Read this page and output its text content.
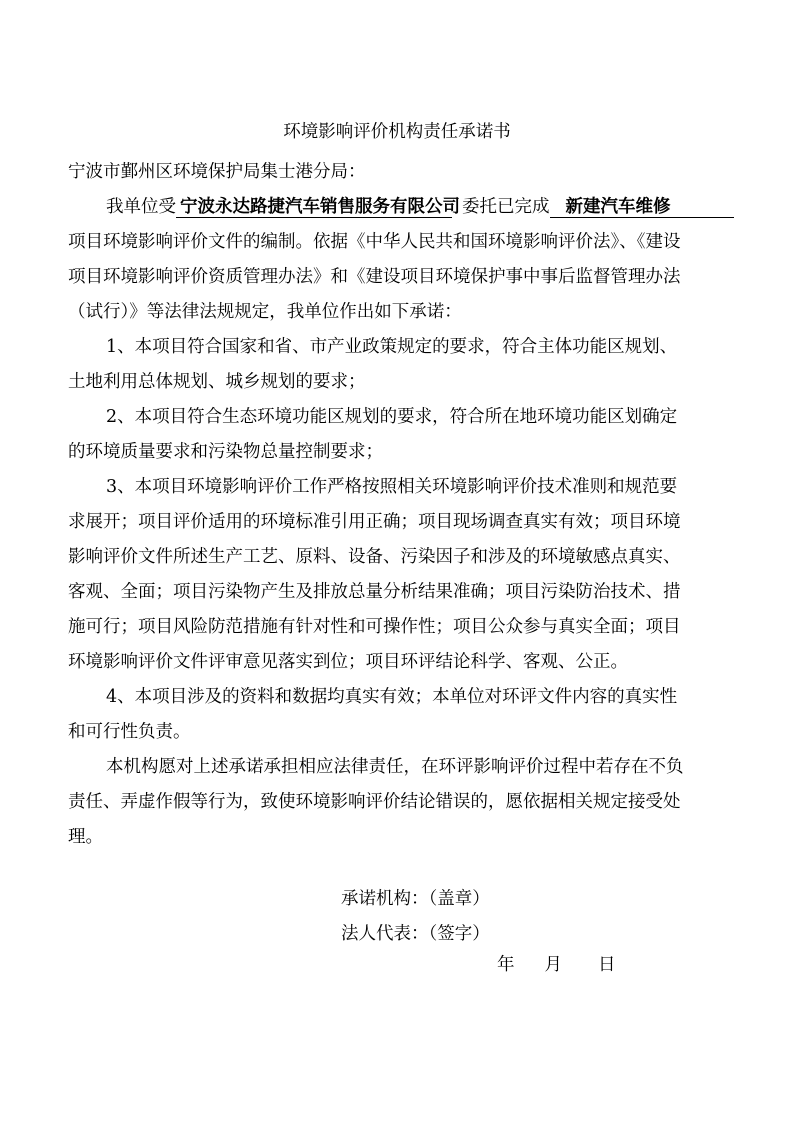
环境影响评价机构责任承诺书
宁波市鄞州区环境保护局集士港分局：
我单位受 宁波永达路捷汽车销售服务有限公司 委托已完成 新建汽车维修
项目环境影响评价文件的编制。依据《中华人民共和国环境影响评价法》、《建设
项目环境影响评价资质管理办法》和《建设项目环境保护事中事后监督管理办法
（试行）》等法律法规规定，我单位作出如下承诺：
1、本项目符合国家和省、市产业政策规定的要求，符合主体功能区规划、
土地利用总体规划、城乡规划的要求；
2、本项目符合生态环境功能区规划的要求，符合所在地环境功能区划确定
的环境质量要求和污染物总量控制要求；
3、本项目环境影响评价工作严格按照相关环境影响评价技术准则和规范要
求展开；项目评价适用的环境标准引用正确；项目现场调查真实有效；项目环境
影响评价文件所述生产工艺、原料、设备、污染因子和涉及的环境敏感点真实、
客观、全面；项目污染物产生及排放总量分析结果准确；项目污染防治技术、措
施可行；项目风险防范措施有针对性和可操作性；项目公众参与真实全面；项目
环境影响评价文件评审意见落实到位；项目环评结论科学、客观、公正。
4、本项目涉及的资料和数据均真实有效；本单位对环评文件内容的真实性
和可行性负责。
本机构愿对上述承诺承担相应法律责任，在环评影响评价过程中若存在不负
责任、弄虚作假等行为，致使环境影响评价结论错误的，愿依据相关规定接受处
理。
承诺机构：（盖章）
法人代表：（签字）
年 月 日
